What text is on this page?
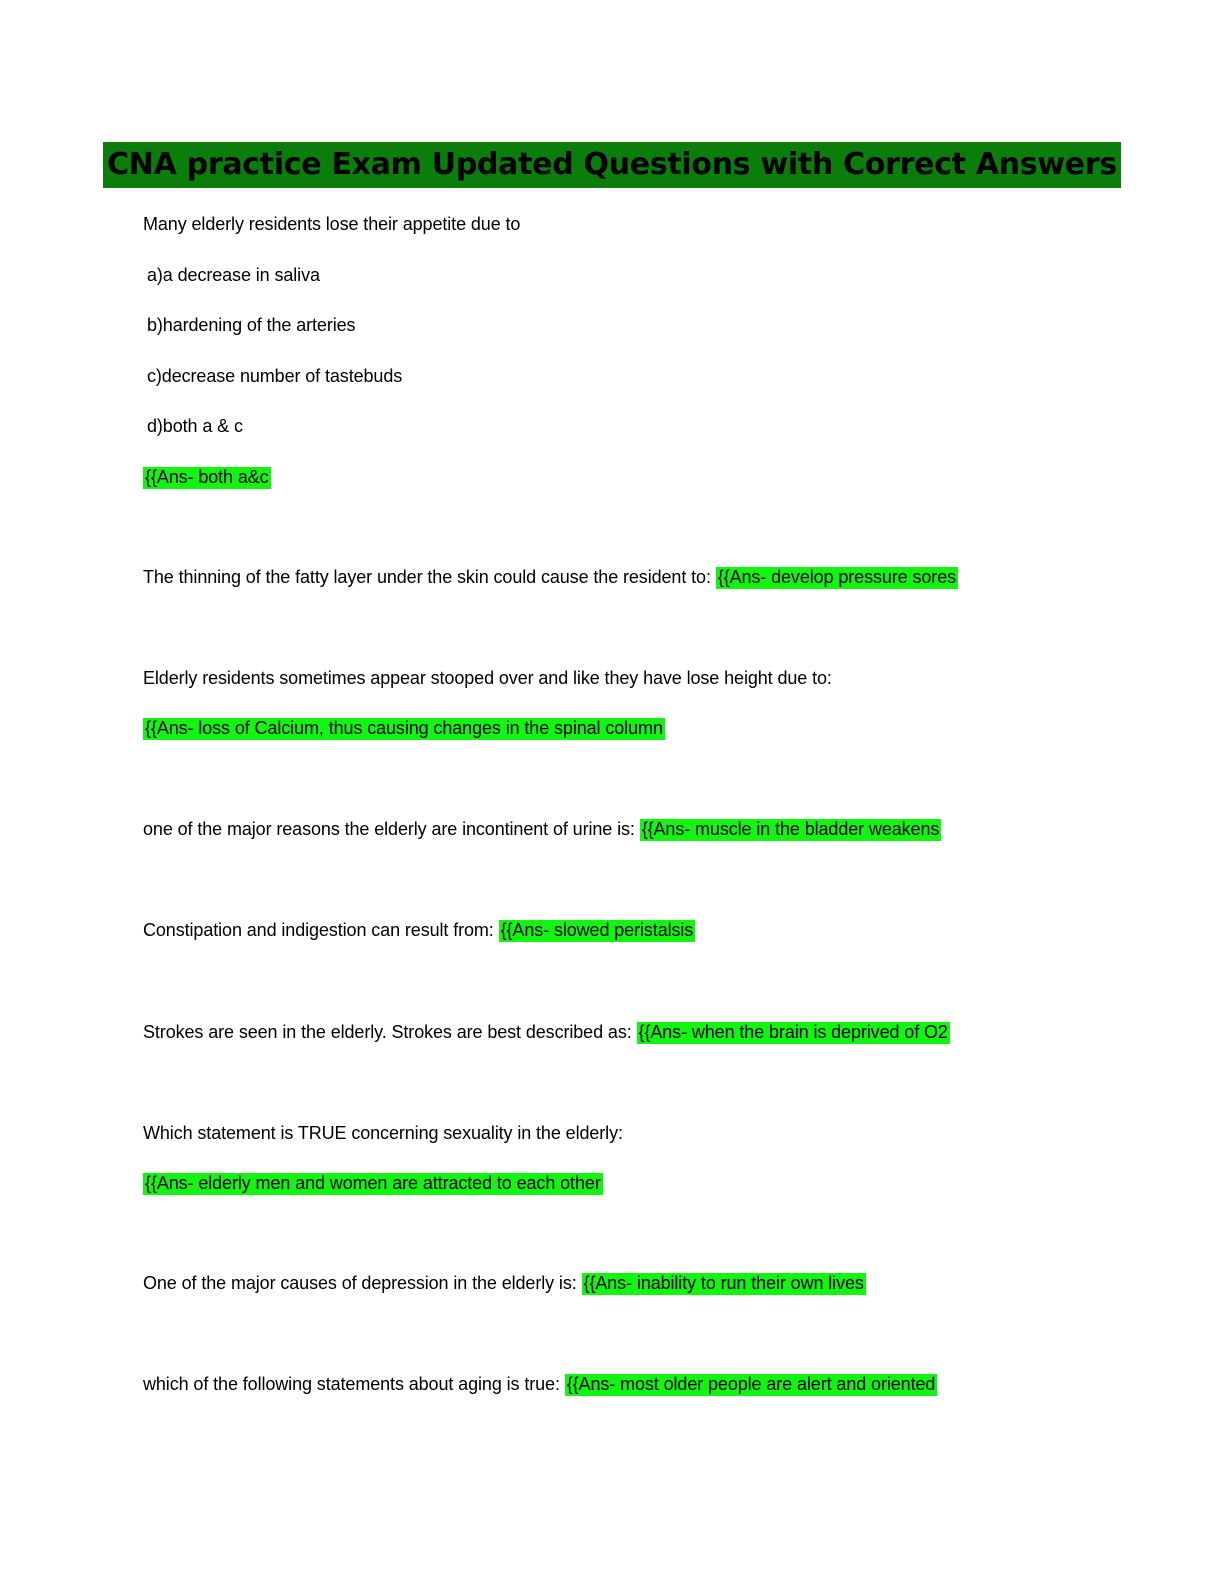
CNA practice Exam Updated Questions with Correct Answers
Many elderly residents lose their appetite due to
a)a decrease in saliva
b)hardening of the arteries
c)decrease number of tastebuds
d)both a & c
{{Ans- both a&c
The thinning of the fatty layer under the skin could cause the resident to: {{Ans- develop pressure sores
Elderly residents sometimes appear stooped over and like they have lose height due to:
{{Ans- loss of Calcium, thus causing changes in the spinal column
one of the major reasons the elderly are incontinent of urine is: {{Ans- muscle in the bladder weakens
Constipation and indigestion can result from: {{Ans- slowed peristalsis
Strokes are seen in the elderly. Strokes are best described as: {{Ans- when the brain is deprived of O2
Which statement is TRUE concerning sexuality in the elderly:
{{Ans- elderly men and women are attracted to each other
One of the major causes of depression in the elderly is: {{Ans- inability to run their own lives
which of the following statements about aging is true: {{Ans- most older people are alert and oriented
